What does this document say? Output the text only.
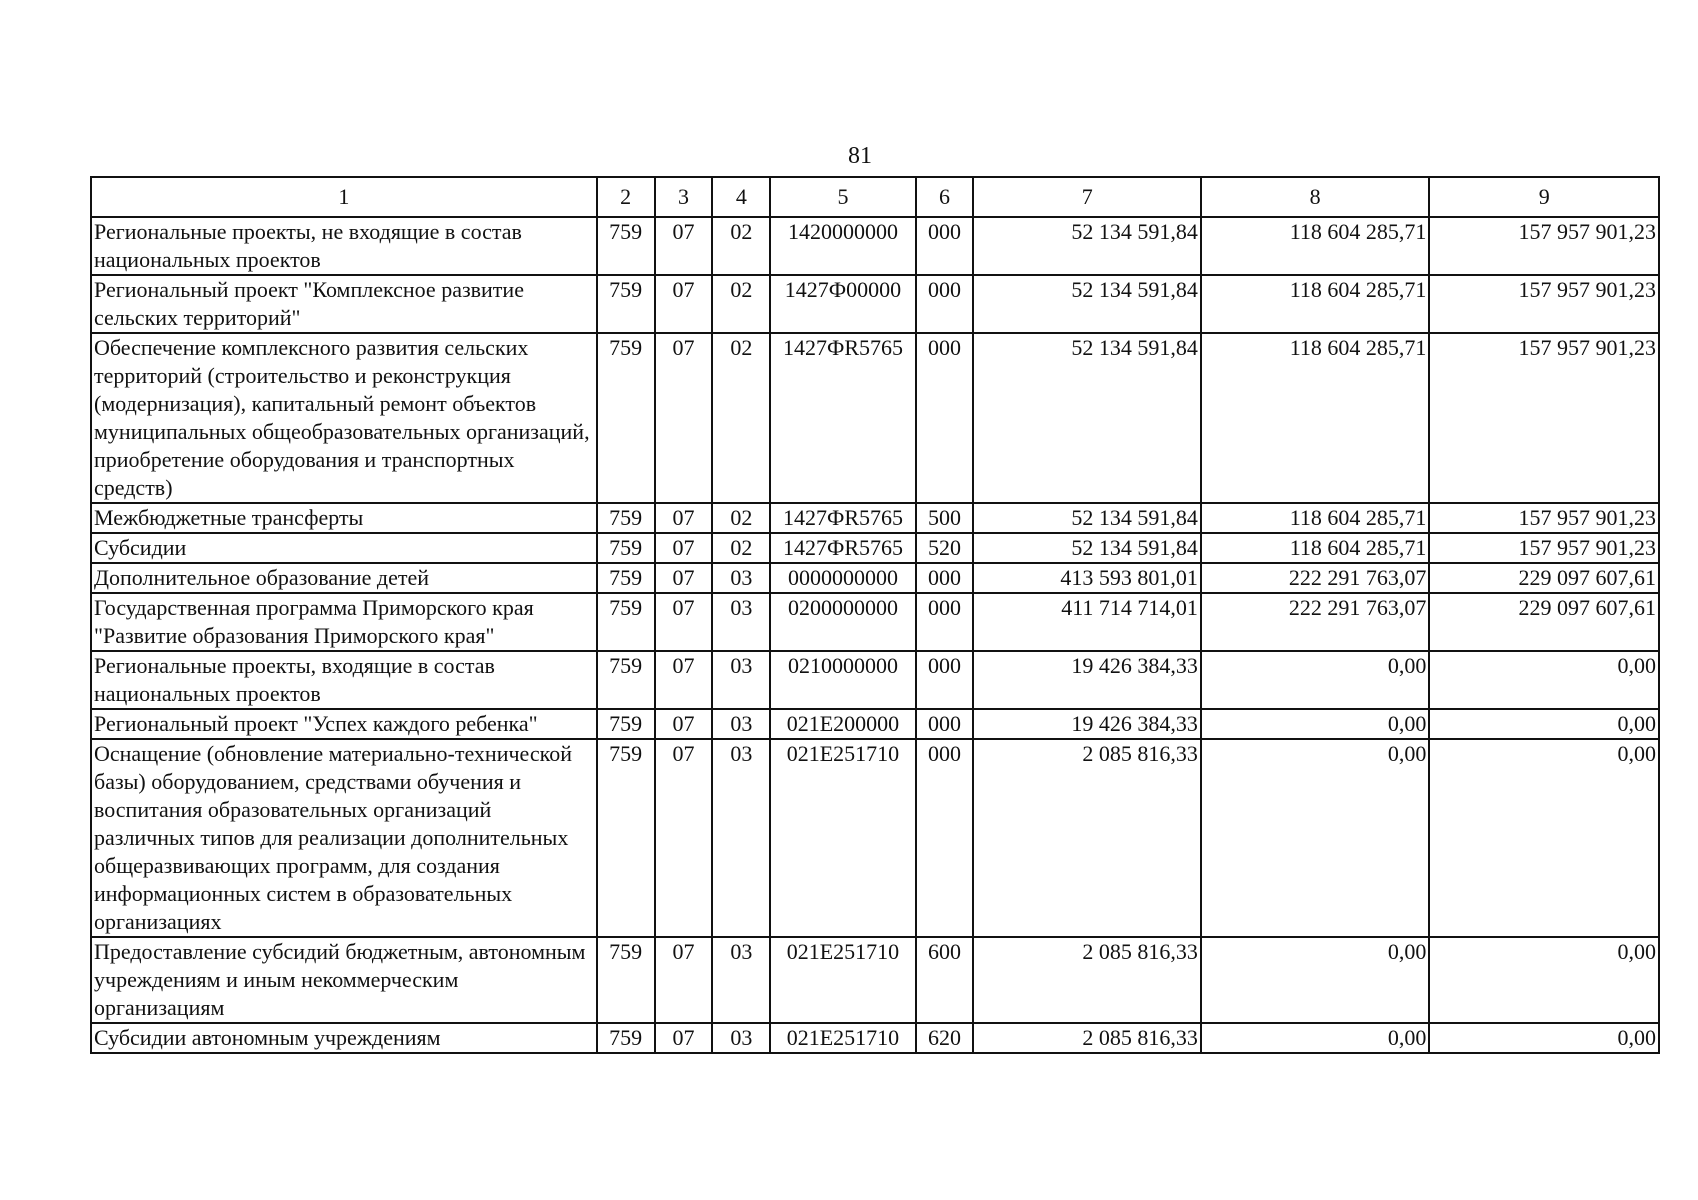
81
1	2	3	4	5	6	7	8	9
Региональные проекты, не входящие в состав национальных проектов	759	07	02	1420000000	000	52 134 591,84	118 604 285,71	157 957 901,23
Региональный проект "Комплексное развитие сельских территорий"	759	07	02	1427Ф00000	000	52 134 591,84	118 604 285,71	157 957 901,23
Обеспечение комплексного развития сельских территорий (строительство и реконструкция (модернизация), капитальный ремонт объектов муниципальных общеобразовательных организаций, приобретение оборудования и транспортных средств)	759	07	02	1427ФR5765	000	52 134 591,84	118 604 285,71	157 957 901,23
Межбюджетные трансферты	759	07	02	1427ФR5765	500	52 134 591,84	118 604 285,71	157 957 901,23
Субсидии	759	07	02	1427ФR5765	520	52 134 591,84	118 604 285,71	157 957 901,23
Дополнительное образование детей	759	07	03	0000000000	000	413 593 801,01	222 291 763,07	229 097 607,61
Государственная программа Приморского края "Развитие образования Приморского края"	759	07	03	0200000000	000	411 714 714,01	222 291 763,07	229 097 607,61
Региональные проекты, входящие в состав национальных проектов	759	07	03	0210000000	000	19 426 384,33	0,00	0,00
Региональный проект "Успех каждого ребенка"	759	07	03	021E200000	000	19 426 384,33	0,00	0,00
Оснащение (обновление материально-технической базы) оборудованием, средствами обучения и воспитания образовательных организаций различных типов для реализации дополнительных общеразвивающих программ, для создания информационных систем в образовательных организациях	759	07	03	021E251710	000	2 085 816,33	0,00	0,00
Предоставление субсидий бюджетным, автономным учреждениям и иным некоммерческим организациям	759	07	03	021E251710	600	2 085 816,33	0,00	0,00
Субсидии автономным учреждениям	759	07	03	021E251710	620	2 085 816,33	0,00	0,00
